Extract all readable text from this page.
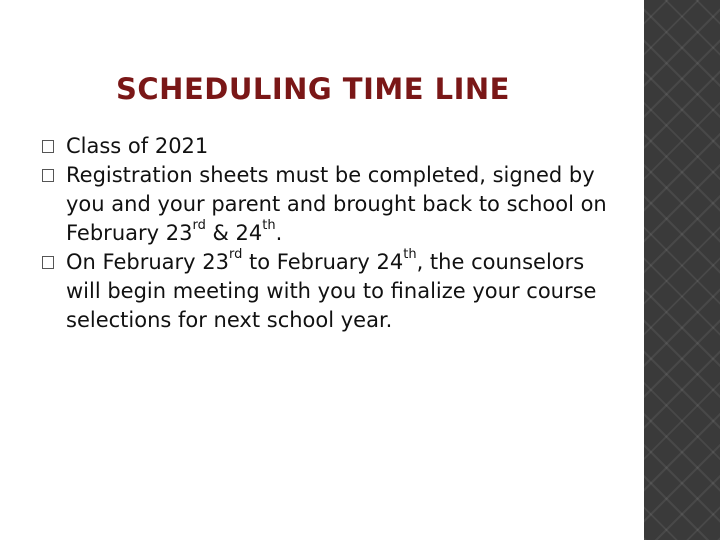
SCHEDULING TIME LINE
Class of 2021
Registration sheets must be completed, signed by you and your parent and brought back to school on February 23rd & 24th.
On February 23rd to February 24th, the counselors will begin meeting with you to finalize your course selections for next school year.
